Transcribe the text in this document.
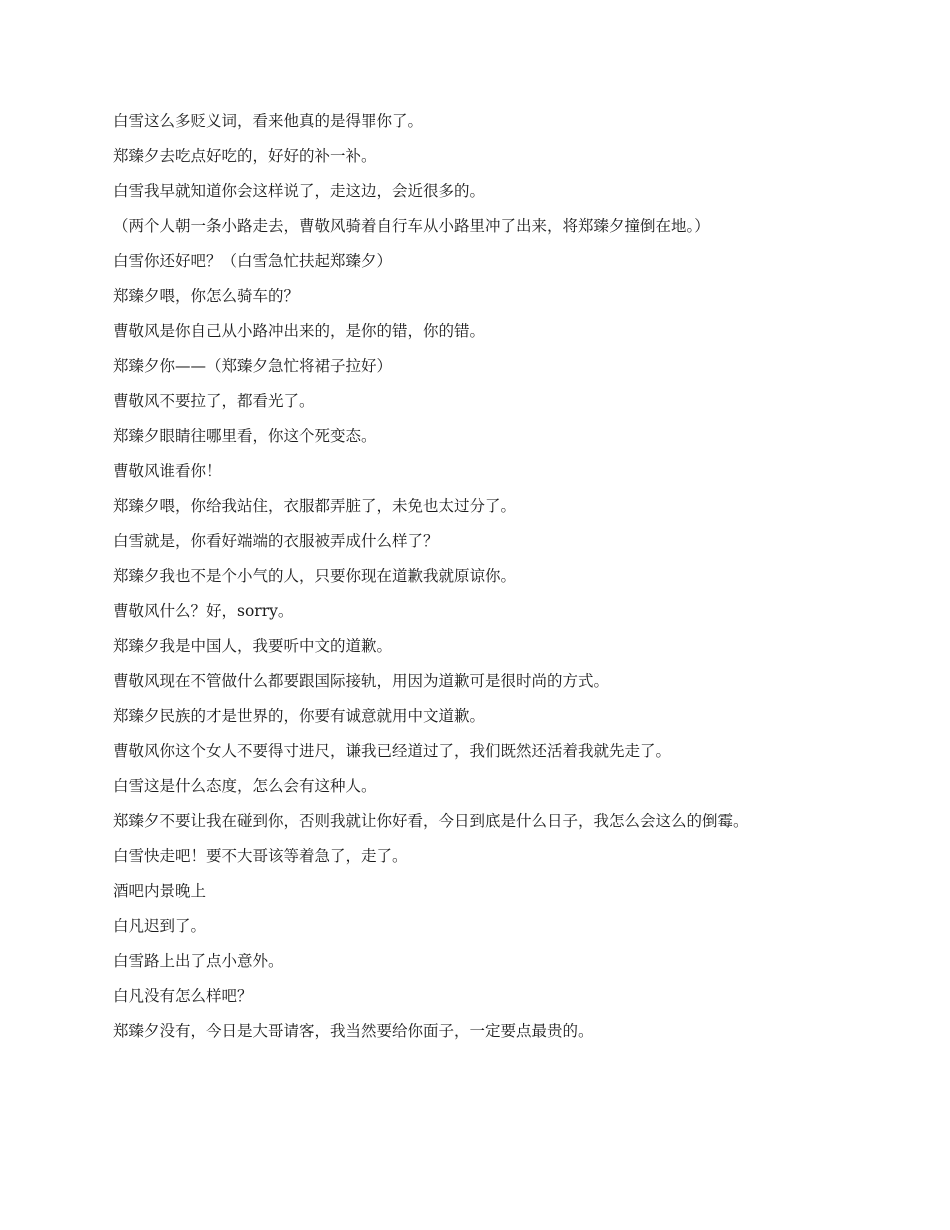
白雪这么多贬义词，看来他真的是得罪你了。

郑臻夕去吃点好吃的，好好的补一补。

白雪我早就知道你会这样说了，走这边，会近很多的。

（两个人朝一条小路走去，曹敬风骑着自行车从小路里冲了出来，将郑臻夕撞倒在地。）

白雪你还好吧？（白雪急忙扶起郑臻夕）

郑臻夕喂，你怎么骑车的？

曹敬风是你自己从小路冲出来的，是你的错，你的错。

郑臻夕你——（郑臻夕急忙将裙子拉好）

曹敬风不要拉了，都看光了。

郑臻夕眼睛往哪里看，你这个死变态。

曹敬风谁看你！

郑臻夕喂，你给我站住，衣服都弄脏了，未免也太过分了。

白雪就是，你看好端端的衣服被弄成什么样了？

郑臻夕我也不是个小气的人，只要你现在道歉我就原谅你。

曹敬风什么？好，sorry。

郑臻夕我是中国人，我要听中文的道歉。

曹敬风现在不管做什么都要跟国际接轨，用因为道歉可是很时尚的方式。

郑臻夕民族的才是世界的，你要有诚意就用中文道歉。

曹敬风你这个女人不要得寸进尺，谦我已经道过了，我们既然还活着我就先走了。

白雪这是什么态度，怎么会有这种人。

郑臻夕不要让我在碰到你，否则我就让你好看，今日到底是什么日子，我怎么会这么的倒霉。

白雪快走吧！要不大哥该等着急了，走了。

酒吧内景晚上

白凡迟到了。

白雪路上出了点小意外。

白凡没有怎么样吧？

郑臻夕没有，今日是大哥请客，我当然要给你面子，一定要点最贵的。
